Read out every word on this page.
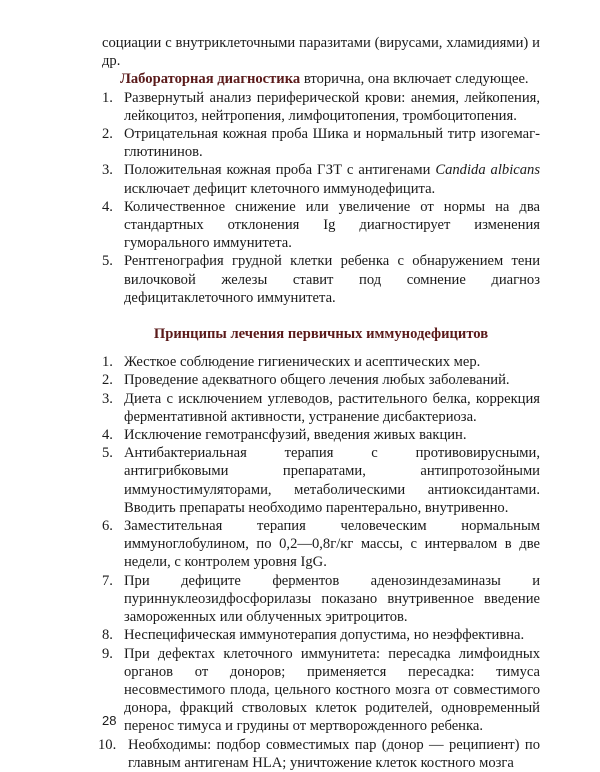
социации с внутриклеточными паразитами (вирусами, хламидиями) и др.

Лабораторная диагностика вторична, она включает следующее.

1. Развернутый анализ периферической крови: анемия, лейкопения, лейкоцитоз, нейтропения, лимфоцитопения, тромбоцитопения.
2. Отрицательная кожная проба Шика и нормальный титр изогемаг-глютининов.
3. Положительная кожная проба ГЗТ с антигенами Candida albicans исключает дефицит клеточного иммунодефицита.
4. Количественное снижение или увеличение от нормы на два стандартных отклонения Ig диагностирует изменения гуморального иммунитета.
5. Рентгенография грудной клетки ребенка с обнаружением тени вилочковой железы ставит под сомнение диагноз дефицитаклеточного иммунитета.
Принципы лечения первичных иммунодефицитов
1. Жесткое соблюдение гигиенических и асептических мер.
2. Проведение адекватного общего лечения любых заболеваний.
3. Диета с исключением углеводов, растительного белка, коррекция ферментативной активности, устранение дисбактериоза.
4. Исключение гемотрансфузий, введения живых вакцин.
5. Антибактериальная терапия с противовирусными, антигрибковыми препаратами, антипротозойными иммуностимуляторами, метаболическими антиоксидантами. Вводить препараты необходимо парентерально, внутривенно.
6. Заместительная терапия человеческим нормальным иммуноглобулином, по 0,2—0,8г/кг массы, с интервалом в две недели, с контролем уровня IgG.
7. При дефиците ферментов аденозиндезаминазы и пуриннуклеозидфосфорилазы показано внутривенное введение замороженных или облученных эритроцитов.
8. Неспецифическая иммунотерапия допустима, но неэффективна.
9. При дефектах клеточного иммунитета: пересадка лимфоидных органов от доноров; применяется пересадка: тимуса несовместимого плода, цельного костного мозга от совместимого донора, фракций стволовых клеток родителей, одновременный перенос тимуса и грудины от мертворожденного ребенка.
10. Необходимы: подбор совместимых пар (донор — реципиент) по главным антигенам HLA; уничтожение клеток костного мозга
28
